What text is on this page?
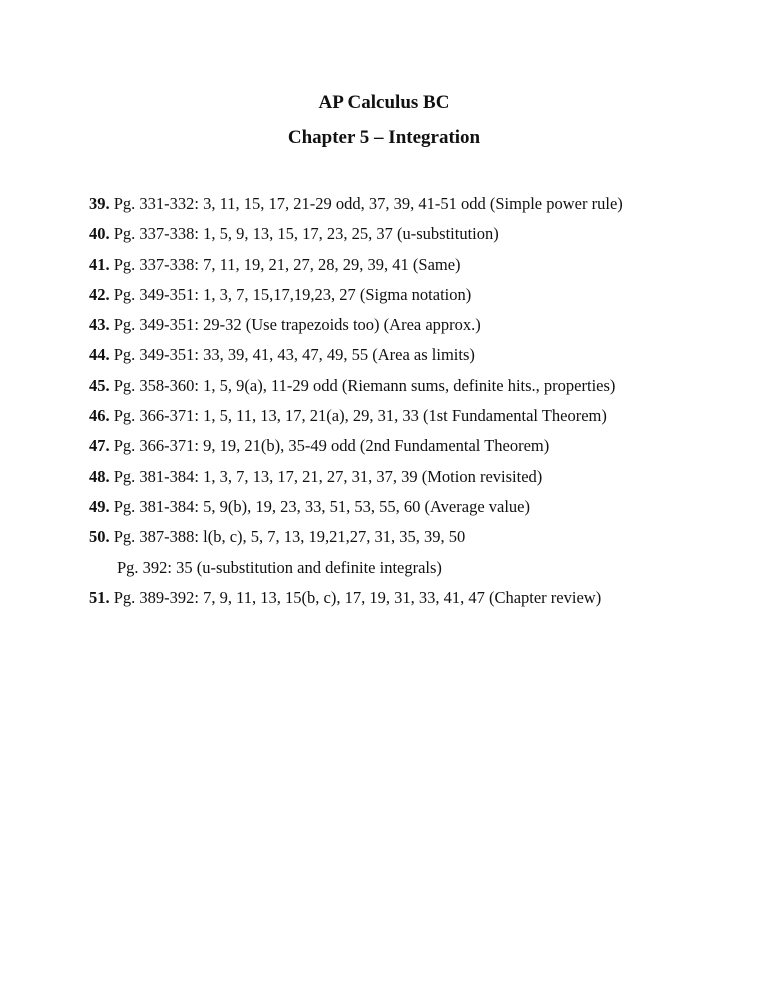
AP Calculus BC
Chapter 5 – Integration
39. Pg. 331-332: 3, 11, 15, 17, 21-29 odd, 37, 39, 41-51 odd (Simple power rule)
40. Pg. 337-338: 1, 5, 9, 13, 15, 17, 23, 25, 37 (u-substitution)
41. Pg. 337-338: 7, 11, 19, 21, 27, 28, 29, 39, 41 (Same)
42. Pg. 349-351: 1, 3, 7, 15,17,19,23, 27 (Sigma notation)
43. Pg. 349-351: 29-32 (Use trapezoids too) (Area approx.)
44. Pg. 349-351: 33, 39, 41, 43, 47, 49, 55 (Area as limits)
45. Pg. 358-360: 1, 5, 9(a), 11-29 odd (Riemann sums, definite hits., properties)
46. Pg. 366-371: 1, 5, 11, 13, 17, 21(a), 29, 31, 33 (1st Fundamental Theorem)
47. Pg. 366-371: 9, 19, 21(b), 35-49 odd (2nd Fundamental Theorem)
48. Pg. 381-384: 1, 3, 7, 13, 17, 21, 27, 31, 37, 39 (Motion revisited)
49. Pg. 381-384: 5, 9(b), 19, 23, 33, 51, 53, 55, 60 (Average value)
50. Pg. 387-388: l(b, c), 5, 7, 13, 19,21,27, 31, 35, 39, 50
Pg. 392: 35 (u-substitution and definite integrals)
51. Pg. 389-392: 7, 9, 11, 13, 15(b, c), 17, 19, 31, 33, 41, 47 (Chapter review)
